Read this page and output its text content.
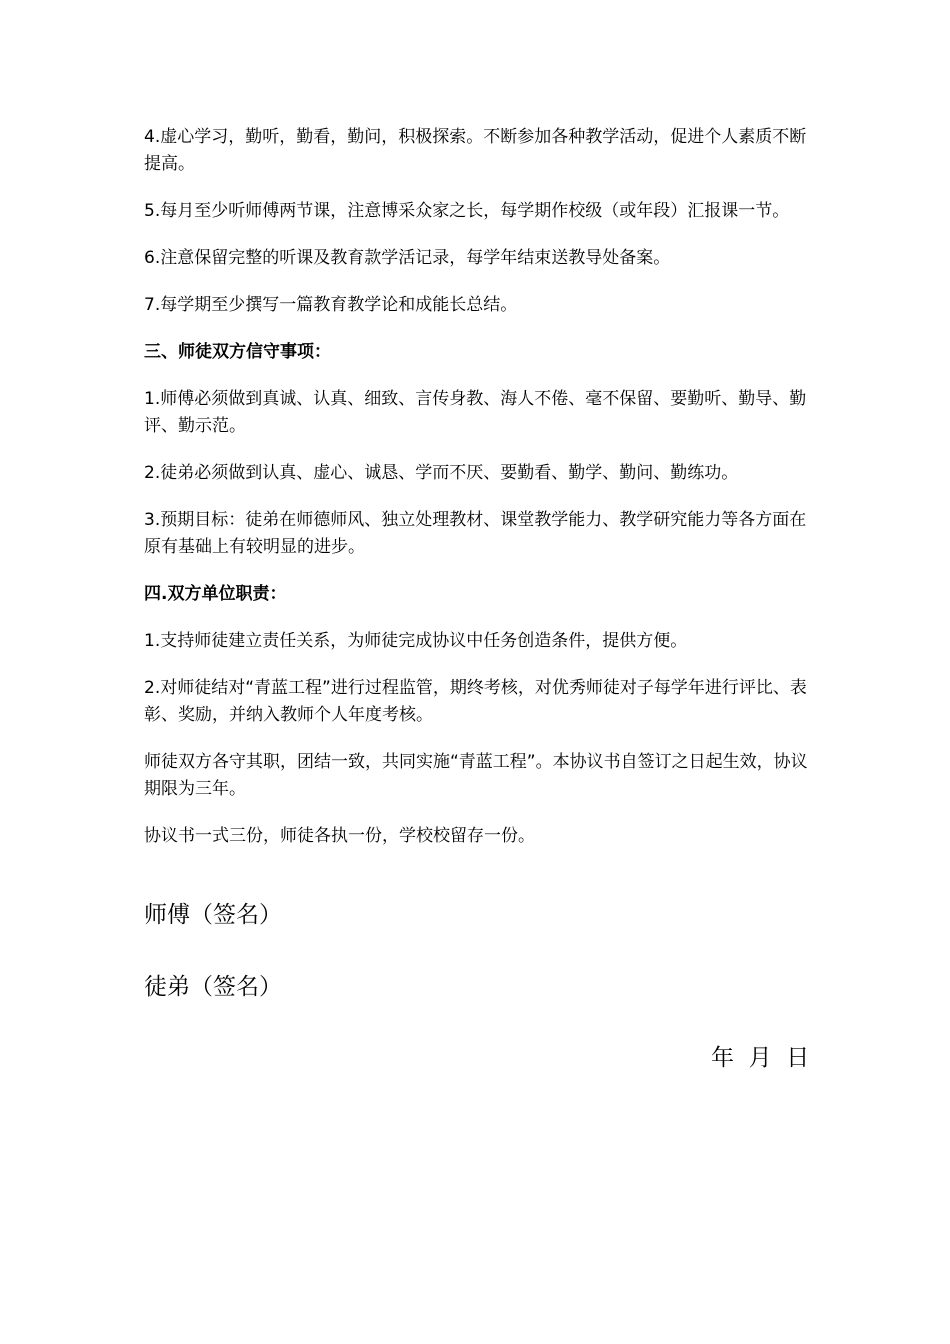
4.虚心学习，勤听，勤看，勤问，积极探索。不断参加各种教学活动，促进个人素质不断提高。

5.每月至少听师傅两节课，注意博采众家之长，每学期作校级（或年段）汇报课一节。

6.注意保留完整的听课及教育款学活记录，每学年结束送教导处备案。

7.每学期至少撰写一篇教育教学论和成能长总结。

三、师徒双方信守事项：

1.师傅必须做到真诚、认真、细致、言传身教、海人不倦、毫不保留、要勤听、勤导、勤评、勤示范。

2.徒弟必须做到认真、虚心、诚恳、学而不厌、要勤看、勤学、勤问、勤练功。

3.预期目标：徒弟在师德师风、独立处理教材、课堂教学能力、教学研究能力等各方面在原有基础上有较明显的进步。

四.双方单位职责：

1.支持师徒建立责任关系，为师徒完成协议中任务创造条件，提供方便。

2.对师徒结对“青蓝工程”进行过程监管，期终考核，对优秀师徒对子每学年进行评比、表彰、奖励，并纳入教师个人年度考核。

师徒双方各守其职，团结一致，共同实施“青蓝工程”。本协议书自签订之日起生效，协议期限为三年。

协议书一式三份，师徒各执一份，学校校留存一份。

师傅（签名）
徒弟（签名）
年  月  日
